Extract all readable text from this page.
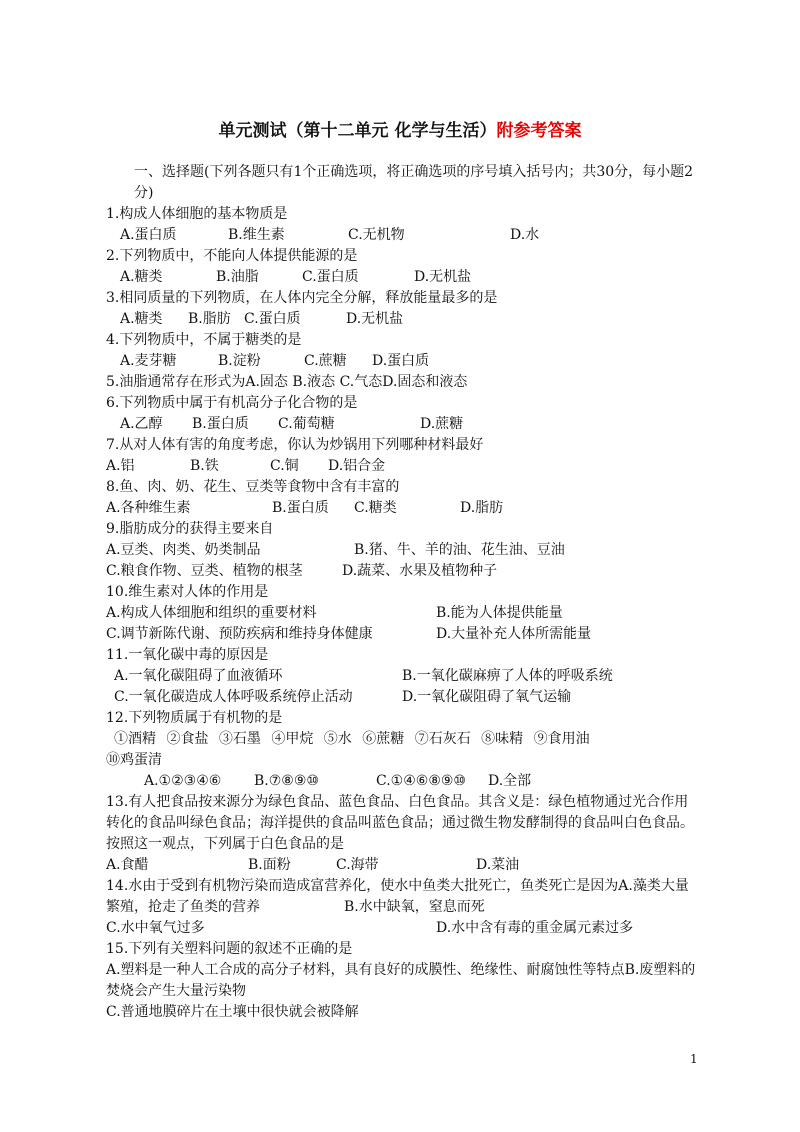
单元测试（第十二单元 化学与生活）附参考答案
一、选择题(下列各题只有1个正确选项，将正确选项的序号填入括号内；共30分，每小题2分)
1.构成人体细胞的基本物质是
A.蛋白质	B.维生素	C.无机物	D.水
2.下列物质中，不能向人体提供能源的是
A.糖类	B.油脂	C.蛋白质	D.无机盐
3.相同质量的下列物质，在人体内完全分解，释放能量最多的是
A.糖类 B.脂肪 C.蛋白质	D.无机盐
4.下列物质中，不属于糖类的是
A.麦芽糖	B.淀粉	C.蔗糖 D.蛋白质
5.油脂通常存在形式为A.固态 B.液态 C.气态D.固态和液态
6.下列物质中属于有机高分子化合物的是
A.乙醇 B.蛋白质 C.葡萄糖	D.蔗糖
7.从对人体有害的角度考虑，你认为炒锅用下列哪种材料最好
A.铝	B.铁	C.铜 D.铝合金
8.鱼、肉、奶、花生、豆类等食物中含有丰富的
A.各种维生素	B.蛋白质 C.糖类	D.脂肪
9.脂肪成分的获得主要来自
A.豆类、肉类、奶类制品	B.猪、牛、羊的油、花生油、豆油
C.粮食作物、豆类、植物的根茎	D.蔬菜、水果及植物种子
10.维生素对人体的作用是
A.构成人体细胞和组织的重要材料	B.能为人体提供能量
C.调节新陈代谢、预防疾病和维持身体健康	D.大量补充人体所需能量
11.一氧化碳中毒的原因是
A.一氧化碳阻碍了血液循环	B.一氧化碳麻痹了人体的呼吸系统
C.一氧化碳造成人体呼吸系统停止活动	D.一氧化碳阻碍了氧气运输
12.下列物质属于有机物的是
①酒精 ②食盐 ③石墨 ④甲烷 ⑤水 ⑥蔗糖 ⑦石灰石 ⑧味精 ⑨食用油
⑩鸡蛋清
A.①②③④⑥ B.⑦⑧⑨⑩	C.①④⑥⑧⑨⑩ D.全部
13.有人把食品按来源分为绿色食品、蓝色食品、白色食品。其含义是：绿色植物通过光合作用转化的食品叫绿色食品；海洋提供的食品叫蓝色食品；通过微生物发酵制得的食品叫白色食品。按照这一观点，下列属于白色食品的是
A.食醋	B.面粉	C.海带	D.菜油
14.水由于受到有机物污染而造成富营养化，使水中鱼类大批死亡，鱼类死亡是因为A.藻类大量繁殖，抢走了鱼类的营养　　　　　　	B.水中缺氧，窒息而死
C.水中氧气过多	D.水中含有毒的重金属元素过多
15.下列有关塑料问题的叙述不正确的是
A.塑料是一种人工合成的高分子材料，具有良好的成膜性、绝缘性、耐腐蚀性等特点B.废塑料的焚烧会产生大量污染物
C.普通地膜碎片在土壤中很快就会被降解
1
